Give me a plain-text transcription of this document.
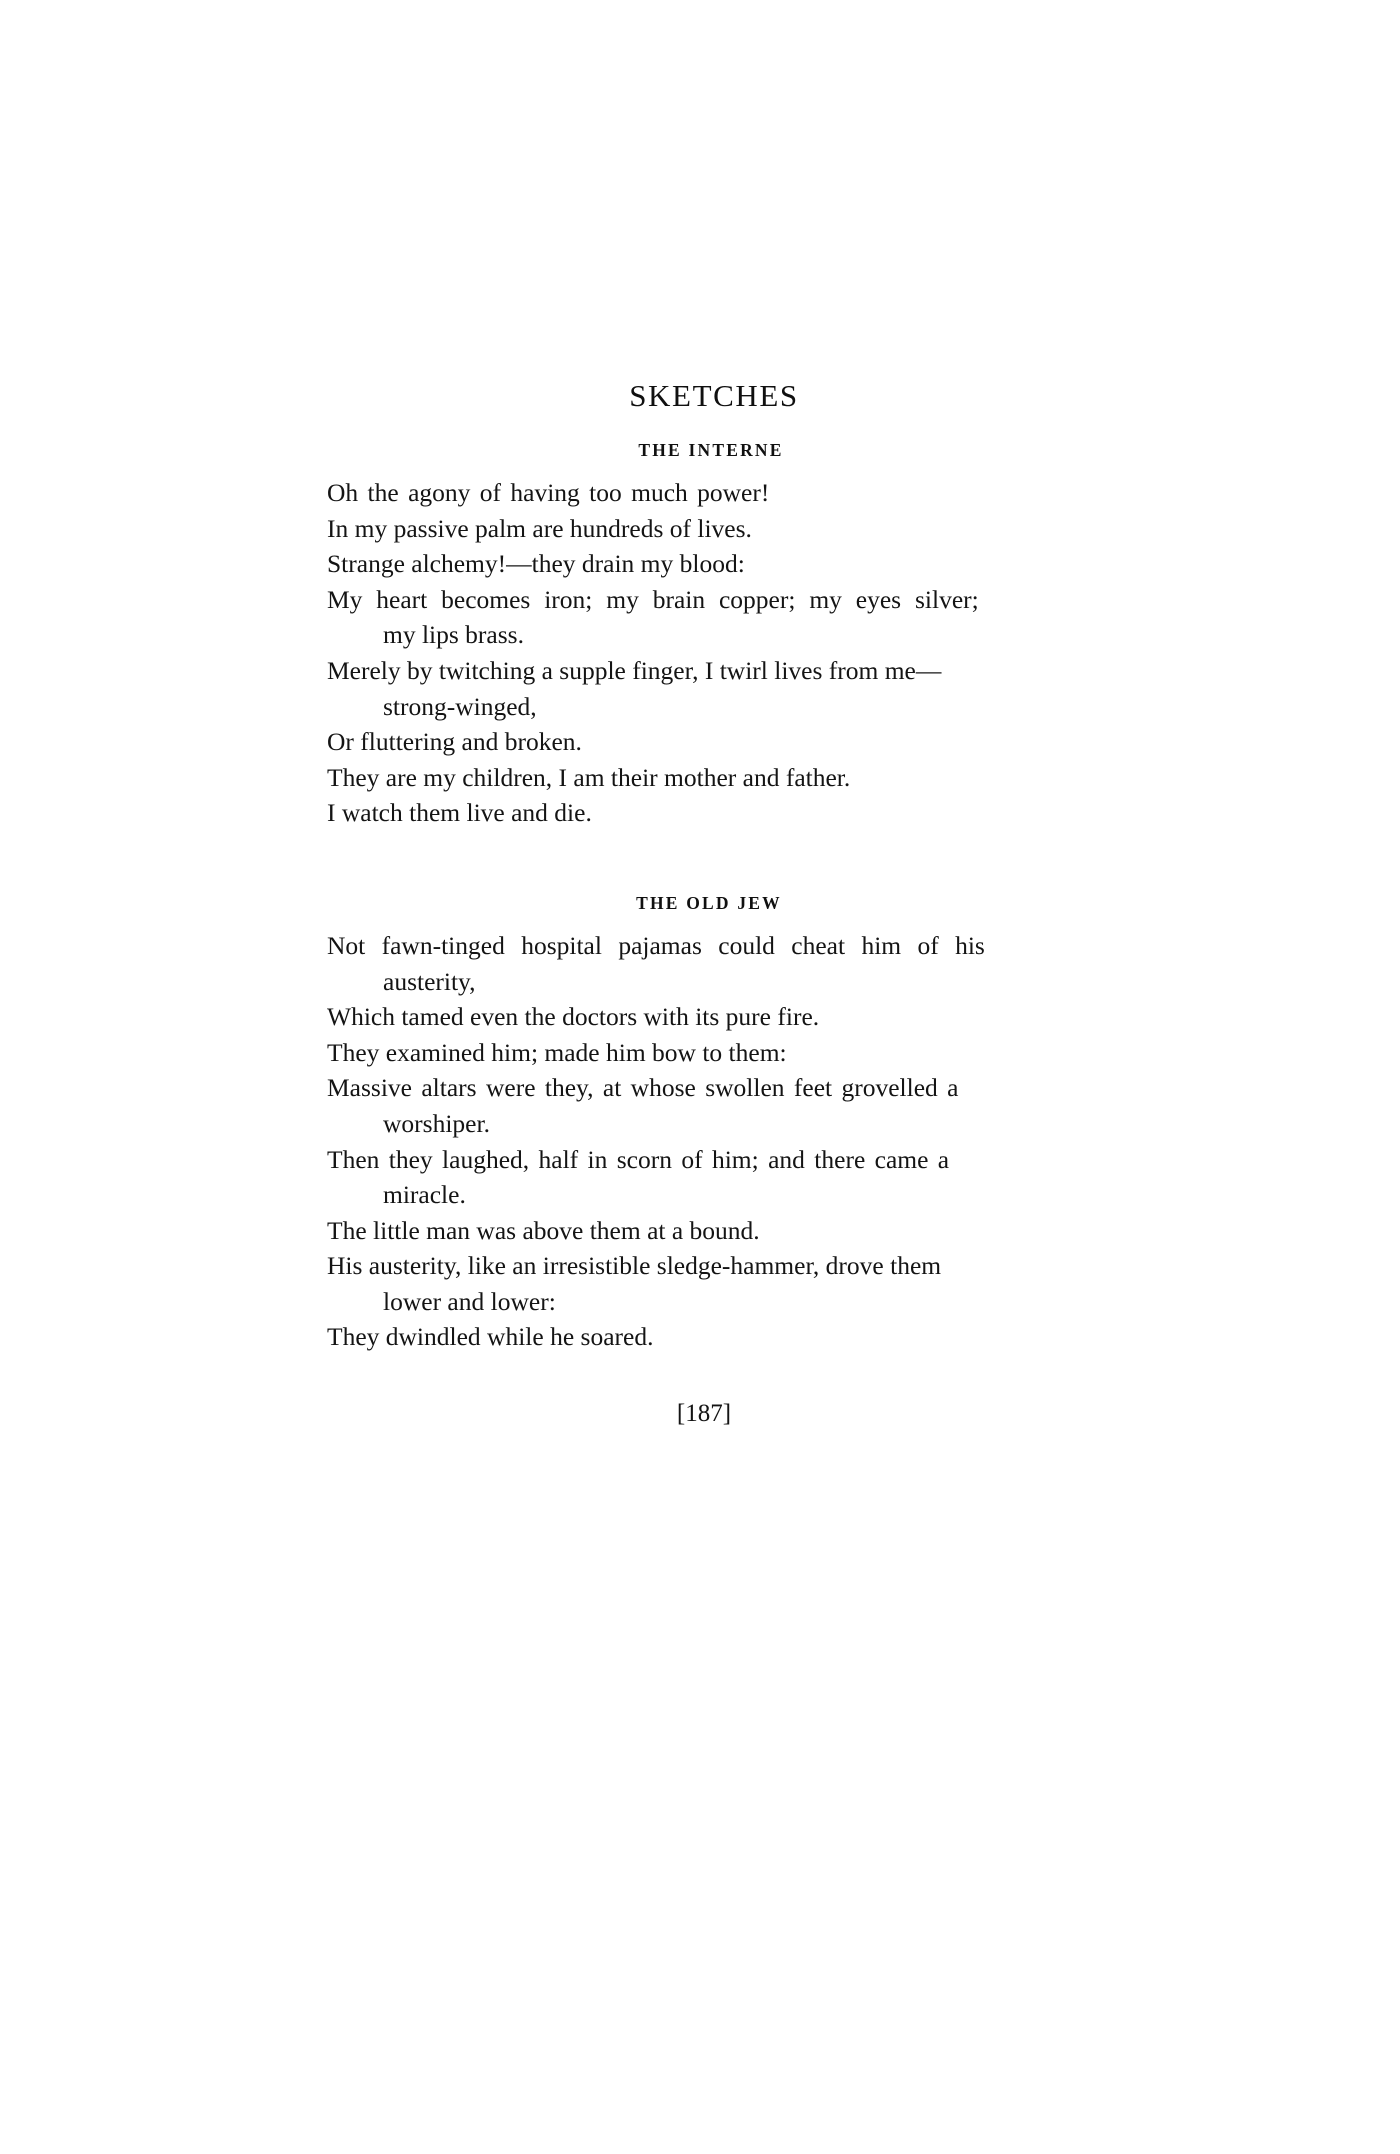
SKETCHES
THE INTERNE
Oh the agony of having too much power!
In my passive palm are hundreds of lives.
Strange alchemy!—they drain my blood:
My heart becomes iron; my brain copper; my eyes silver;
my lips brass.
Merely by twitching a supple finger, I twirl lives from me—
strong-winged,
Or fluttering and broken.
They are my children, I am their mother and father.
I watch them live and die.
THE OLD JEW
Not fawn-tinged hospital pajamas could cheat him of his
austerity,
Which tamed even the doctors with its pure fire.
They examined him; made him bow to them:
Massive altars were they, at whose swollen feet grovelled a
worshiper.
Then they laughed, half in scorn of him; and there came a
miracle.
The little man was above them at a bound.
His austerity, like an irresistible sledge-hammer, drove them
lower and lower:
They dwindled while he soared.
[187]
